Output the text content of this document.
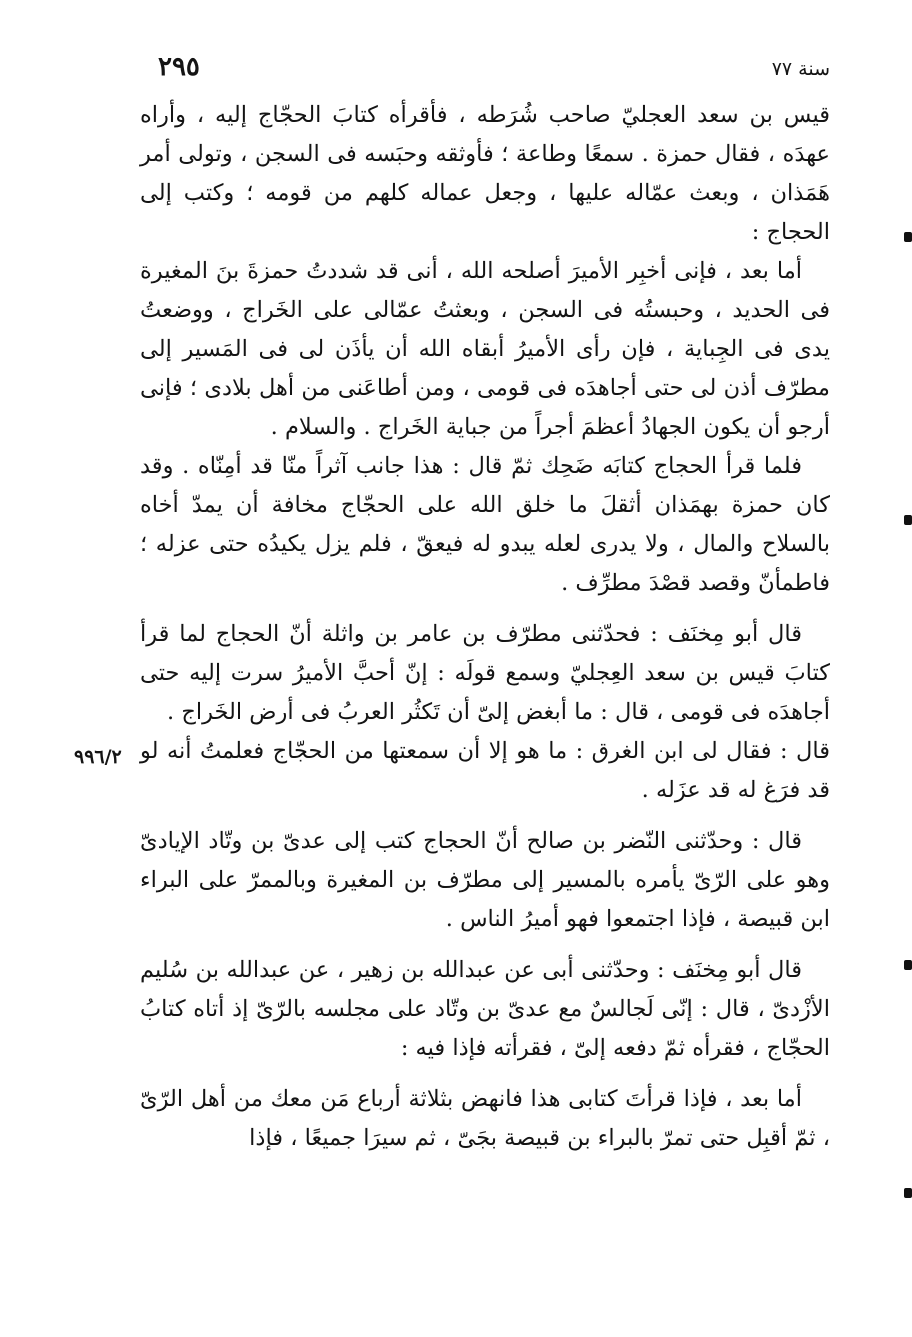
سنة ٧٧
٢٩٥

قيس بن سعد العجليّ صاحب شُرَطه ، فأقرأه كتابَ الحجّاج إليه ، وأراه عهدَه ، فقال حمزة . سمعًا وطاعة ؛ فأوثقه وحبَسه فى السجن ، وتولى أمر هَمَذان ، وبعث عمّاله عليها ، وجعل عماله كلهم من قومه ؛ وكتب إلى الحجاج :

أما بعد ، فإنى أخبِر الأميرَ أصلحه الله ، أنى قد شددتُ حمزةَ بنَ المغيرة فى الحديد ، وحبستُه فى السجن ، وبعثتُ عمّالى على الخَراج ، ووضعتُ يدى فى الجِباية ، فإن رأى الأميرُ أبقاه الله أن يأذَن لى فى المَسير إلى مطرّف أذن لى حتى أجاهدَه فى قومى ، ومن أطاعَنى من أهل بلادى ؛ فإنى أرجو أن يكون الجهادُ أعظمَ أجراً من جباية الخَراج . والسلام .

فلما قرأ الحجاج كتابَه ضَحِك ثمّ قال : هذا جانب آثراً منّا قد أمِنّاه . وقد كان حمزة بهمَذان أثقلَ ما خلق الله على الحجّاج مخافة أن يمدّ أخاه بالسلاح والمال ، ولا يدرى لعله يبدو له فيعقّ ، فلم يزل يكيدُه حتى عزله ؛ فاطمأنّ وقصد قصْدَ مطرِّف .

قال أبو مِخنَف : فحدّثنى مطرّف بن عامر بن واثلة أنّ الحجاج لما قرأ كتابَ قيس بن سعد العِجليّ وسمع قولَه : إنّ أحبَّ الأميرُ سرت إليه حتى أجاهدَه فى قومى ، قال : ما أبغض إلىّ أن تَكثُر العربُ فى أرض الخَراج .

قال : فقال لى ابن الغرق : ما هو إلا أن سمعتها من الحجّاج فعلمتُ أنه لو قد فرَغ له قد عزَله .

قال : وحدّثنى النّضر بن صالح أنّ الحجاج كتب إلى عدىّ بن وتّاد الإيادىّ وهو على الرّىّ يأمره بالمسير إلى مطرّف بن المغيرة وبالممرّ على البراء ابن قبيصة ، فإذا اجتمعوا فهو أميرُ الناس .

قال أبو مِخنَف : وحدّثنى أبى عن عبدالله بن زهير ، عن عبدالله بن سُليم الأزْدىّ ، قال : إنّى لَجالسٌ مع عدىّ بن وتّاد على مجلسه بالرّىّ إذ أتاه كتابُ الحجّاج ، فقرأه ثمّ دفعه إلىّ ، فقرأته فإذا فيه :

أما بعد ، فإذا قرأتَ كتابى هذا فانهض بثلاثة أرباع مَن معك من أهل الرّىّ ، ثمّ أقبِل حتى تمرّ بالبراء بن قبيصة بجَىّ ، ثم سيرَا جميعًا ، فإذا

٩٩٦/٢
